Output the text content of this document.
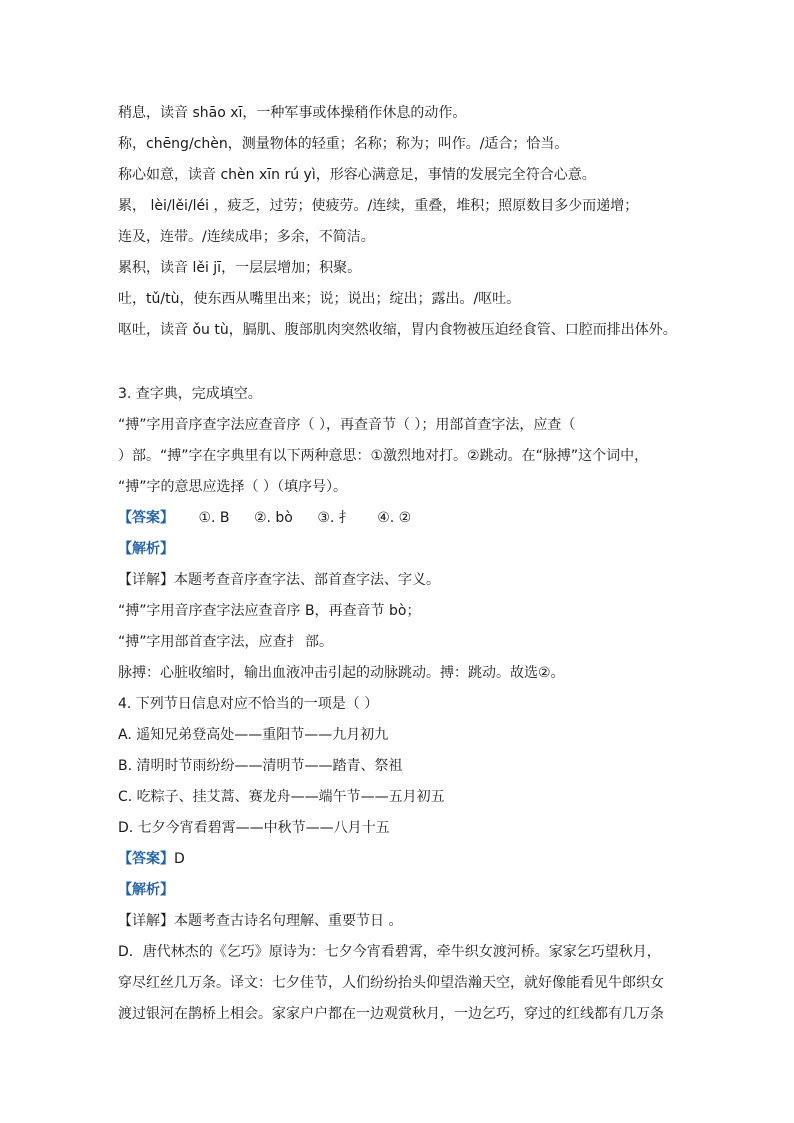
稍息，读音 shāo xī，一种军事或体操稍作休息的动作。
称，chēng/chèn，测量物体的轻重；名称；称为；叫作。/适合；恰当。
称心如意，读音 chèn xīn rú yì，形容心满意足，事情的发展完全符合心意。
累， lèi/lěi/léi ，疲乏，过劳；使疲劳。/连续，重叠，堆积；照原数目多少而递增；
连及，连带。/连续成串；多余，不简洁。
累积，读音 lěi jī，一层层增加；积聚。
吐，tǔ/tù，使东西从嘴里出来；说；说出；绽出；露出。/呕吐。
呕吐，读音 ǒu tù，膈肌、腹部肌肉突然收缩，胃内食物被压迫经食管、口腔而排出体外。
3. 查字典，完成填空。
“搏”字用音序查字法应查音序（ ），再查音节（ ）；用部首查字法，应查（
）部。“搏”字在字典里有以下两种意思：①激烈地对打。②跳动。在“脉搏”这个词中，
“搏”字的意思应选择（ ）（填序号）。
【答案】 ①. B ②. bò ③. 扌 ④. ②
【解析】
【详解】本题考查音序查字法、部首查字法、字义。
“搏”字用音序查字法应查音序 B，再查音节 bò；
“搏”字用部首查字法，应查扌 部。
脉搏：心脏收缩时，输出血液冲击引起的动脉跳动。搏：跳动。故选②。
4. 下列节日信息对应不恰当的一项是（ ）
A. 遥知兄弟登高处——重阳节——九月初九
B. 清明时节雨纷纷——清明节——踏青、祭祖
C. 吃粽子、挂艾蒿、赛龙舟——端午节——五月初五
D. 七夕今宵看碧霄——中秋节——八月十五
【答案】D
【解析】
【详解】本题考查古诗名句理解、重要节日 。
D．唐代林杰的《乞巧》原诗为：七夕今宵看碧霄，牵牛织女渡河桥。家家乞巧望秋月，
穿尽红丝几万条。译文：七夕佳节，人们纷纷抬头仰望浩瀚天空，就好像能看见牛郎织女
渡过银河在鹊桥上相会。家家户户都在一边观赏秋月，一边乞巧，穿过的红线都有几万条
